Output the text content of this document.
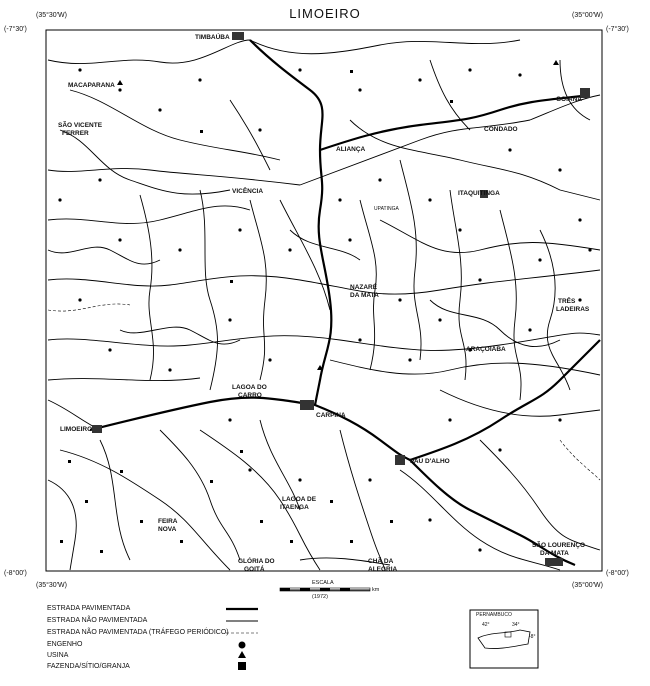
LIMOEIRO
(35°30'W)
(-7°30')
(35°00'W)
(-7°30')
(-8°00')
(35°30'W)
(-8°00')
(35°00'W)
TIMBAÚBA
MACAPARANA
SÃO VICENTE
FERRER
GOIANA
CONDADO
ALIANÇA
VICÊNCIA	ITAQUITINGA
UPATINGA
NAZARÉ
DA MATA
TRÊS
LADEIRAS
ARAÇOIABA
LAGOA DO
CARRO
CARPINA
LIMOEIRO
PAU D'ALHO
LAGOA DE
ITAENGA
FEIRA
NOVA
GLÓRIA DO
GOITÁ
CHÃ DA
ALEGRIA
SÃO LOURENÇO
DA MATA
ESCALA
km
(1972)
ESTRADA PAVIMENTADA
ESTRADA NÃO PAVIMENTADA
ESTRADA NÃO PAVIMENTADA (TRÁFEGO PERIÓDICO)
ENGENHO
USINA
FAZENDA/SÍTIO/GRANJA
PERNAMBUCO
42°	34°
-8°
